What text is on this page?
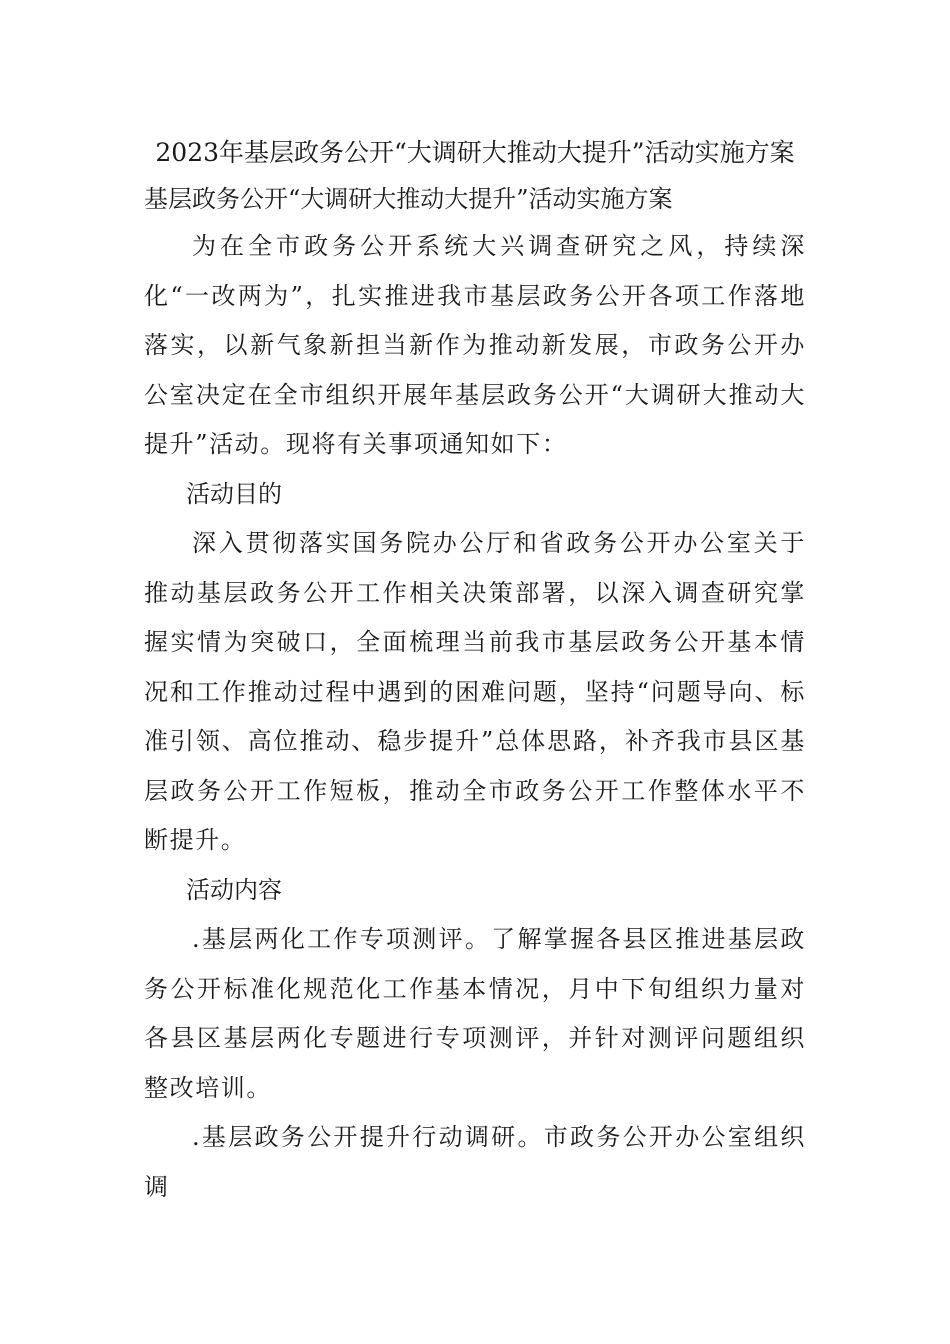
2023年基层政务公开“大调研大推动大提升”活动实施方案

基层政务公开“大调研大推动大提升”活动实施方案

为在全市政务公开系统大兴调查研究之风，持续深化“一改两为”，扎实推进我市基层政务公开各项工作落地落实，以新气象新担当新作为推动新发展，市政务公开办公室决定在全市组织开展年基层政务公开“大调研大推动大提升”活动。现将有关事项通知如下：

活动目的

深入贯彻落实国务院办公厅和省政务公开办公室关于推动基层政务公开工作相关决策部署，以深入调查研究掌握实情为突破口，全面梳理当前我市基层政务公开基本情况和工作推动过程中遇到的困难问题，坚持“问题导向、标准引领、高位推动、稳步提升”总体思路，补齐我市县区基层政务公开工作短板，推动全市政务公开工作整体水平不断提升。

活动内容

.基层两化工作专项测评。了解掌握各县区推进基层政务公开标准化规范化工作基本情况，月中下旬组织力量对各县区基层两化专题进行专项测评，并针对测评问题组织整改培训。

.基层政务公开提升行动调研。市政务公开办公室组织调
